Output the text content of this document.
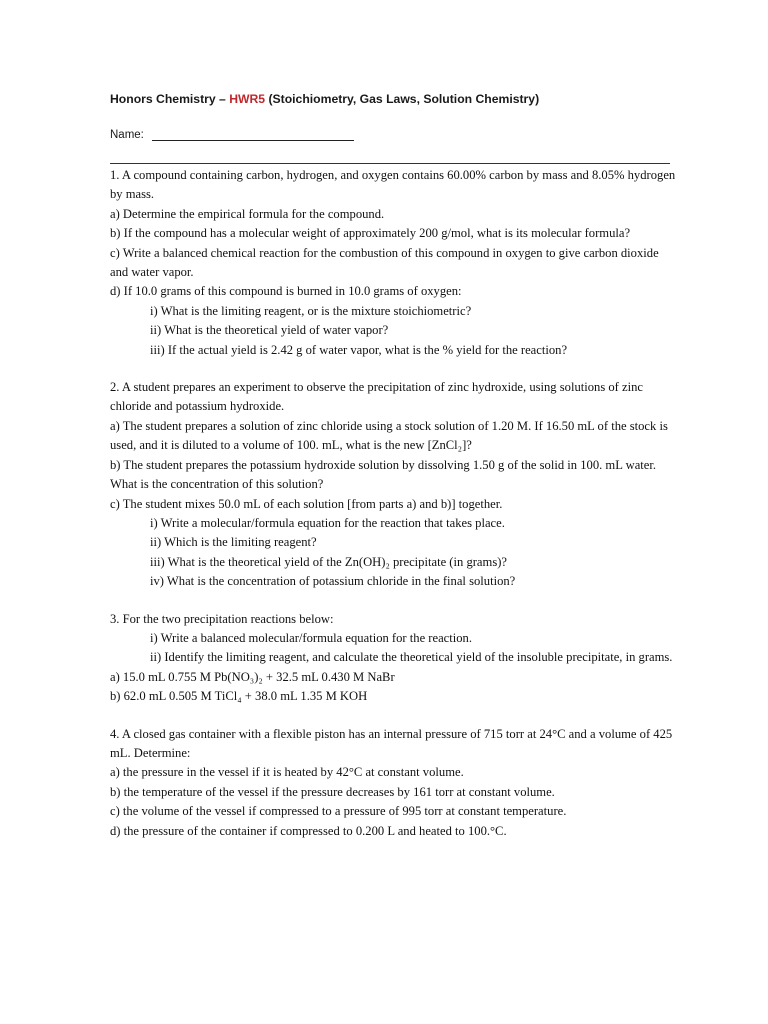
Honors Chemistry – HWR5 (Stoichiometry, Gas Laws, Solution Chemistry)
Name:

1. A compound containing carbon, hydrogen, and oxygen contains 60.00% carbon by mass and 8.05% hydrogen by mass.

a) Determine the empirical formula for the compound.

b) If the compound has a molecular weight of approximately 200 g/mol, what is its molecular formula?

c) Write a balanced chemical reaction for the combustion of this compound in oxygen to give carbon dioxide and water vapor.

d) If 10.0 grams of this compound is burned in 10.0 grams of oxygen:

i) What is the limiting reagent, or is the mixture stoichiometric?

ii) What is the theoretical yield of water vapor?

iii) If the actual yield is 2.42 g of water vapor, what is the % yield for the reaction?

2. A student prepares an experiment to observe the precipitation of zinc hydroxide, using solutions of zinc chloride and potassium hydroxide.

a) The student prepares a solution of zinc chloride using a stock solution of 1.20 M. If 16.50 mL of the stock is used, and it is diluted to a volume of 100. mL, what is the new [ZnCl₂]?

b) The student prepares the potassium hydroxide solution by dissolving 1.50 g of the solid in 100. mL water. What is the concentration of this solution?

c) The student mixes 50.0 mL of each solution [from parts a) and b)] together.

i) Write a molecular/formula equation for the reaction that takes place.

ii) Which is the limiting reagent?

iii) What is the theoretical yield of the Zn(OH)₂ precipitate (in grams)?

iv) What is the concentration of potassium chloride in the final solution?

3. For the two precipitation reactions below:

i) Write a balanced molecular/formula equation for the reaction.

ii) Identify the limiting reagent, and calculate the theoretical yield of the insoluble precipitate, in grams.

a) 15.0 mL 0.755 M Pb(NO₃)₂ + 32.5 mL 0.430 M NaBr

b) 62.0 mL 0.505 M TiCl₄ + 38.0 mL 1.35 M KOH

4. A closed gas container with a flexible piston has an internal pressure of 715 torr at 24°C and a volume of 425 mL. Determine:

a) the pressure in the vessel if it is heated by 42°C at constant volume.

b) the temperature of the vessel if the pressure decreases by 161 torr at constant volume.

c) the volume of the vessel if compressed to a pressure of 995 torr at constant temperature.

d) the pressure of the container if compressed to 0.200 L and heated to 100.°C.
